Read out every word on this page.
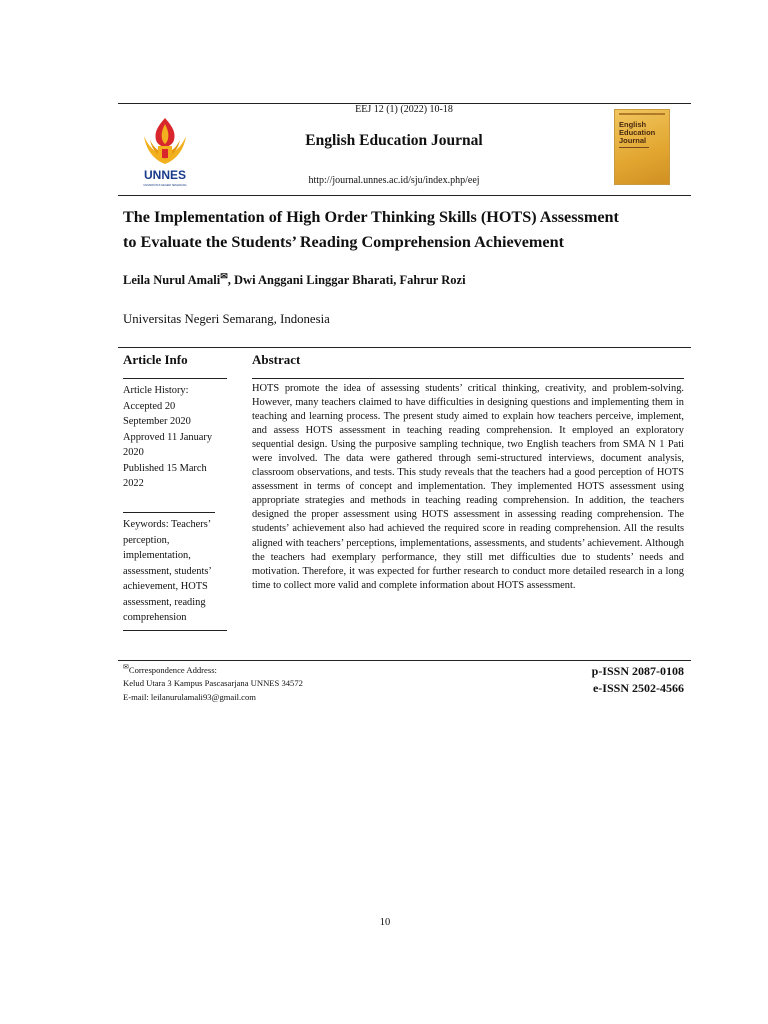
EEJ 12 (1) (2022) 10-18
English Education Journal
http://journal.unnes.ac.id/sju/index.php/eej
UNNES
UNIVERSITAS NEGERI SEMARANG
English Education Journal
The Implementation of High Order Thinking Skills (HOTS) Assessment
to Evaluate the Students’ Reading Comprehension Achievement
Leila Nurul Amali✉, Dwi Anggani Linggar Bharati, Fahrur Rozi
Universitas Negeri Semarang, Indonesia
Article Info	Abstract
Article History:
Accepted 20
September 2020
Approved 11 January
2020
Published 15 March
2022
Keywords: Teachers’
perception,
implementation,
assessment, students’
achievement, HOTS
assessment, reading
comprehension
HOTS promote the idea of assessing students’ critical thinking, creativity, and problem-solving. However, many teachers claimed to have difficulties in designing questions and implementing them in teaching and learning process. The present study aimed to explain how teachers perceive, implement, and assess HOTS assessment in teaching reading comprehension. It employed an exploratory sequential design. Using the purposive sampling technique, two English teachers from SMA N 1 Pati were involved. The data were gathered through semi-structured interviews, document analysis, classroom observations, and tests. This study reveals that the teachers had a good perception of HOTS assessment in terms of concept and implementation. They implemented HOTS assessment using appropriate strategies and methods in teaching reading comprehension. In addition, the teachers designed the proper assessment using HOTS assessment in assessing reading comprehension. The students’ achievement also had achieved the required score in reading comprehension. All the results aligned with teachers’ perceptions, implementations, assessments, and students’ achievement. Although the teachers had exemplary performance, they still met difficulties due to students’ needs and motivation. Therefore, it was expected for further research to conduct more detailed research in a long time to collect more valid and complete information about HOTS assessment.
✉Correspondence Address:
Kelud Utara 3 Kampus Pascasarjana UNNES 34572
E-mail: leilanurulamali93@gmail.com
p-ISSN 2087-0108
e-ISSN 2502-4566
10
